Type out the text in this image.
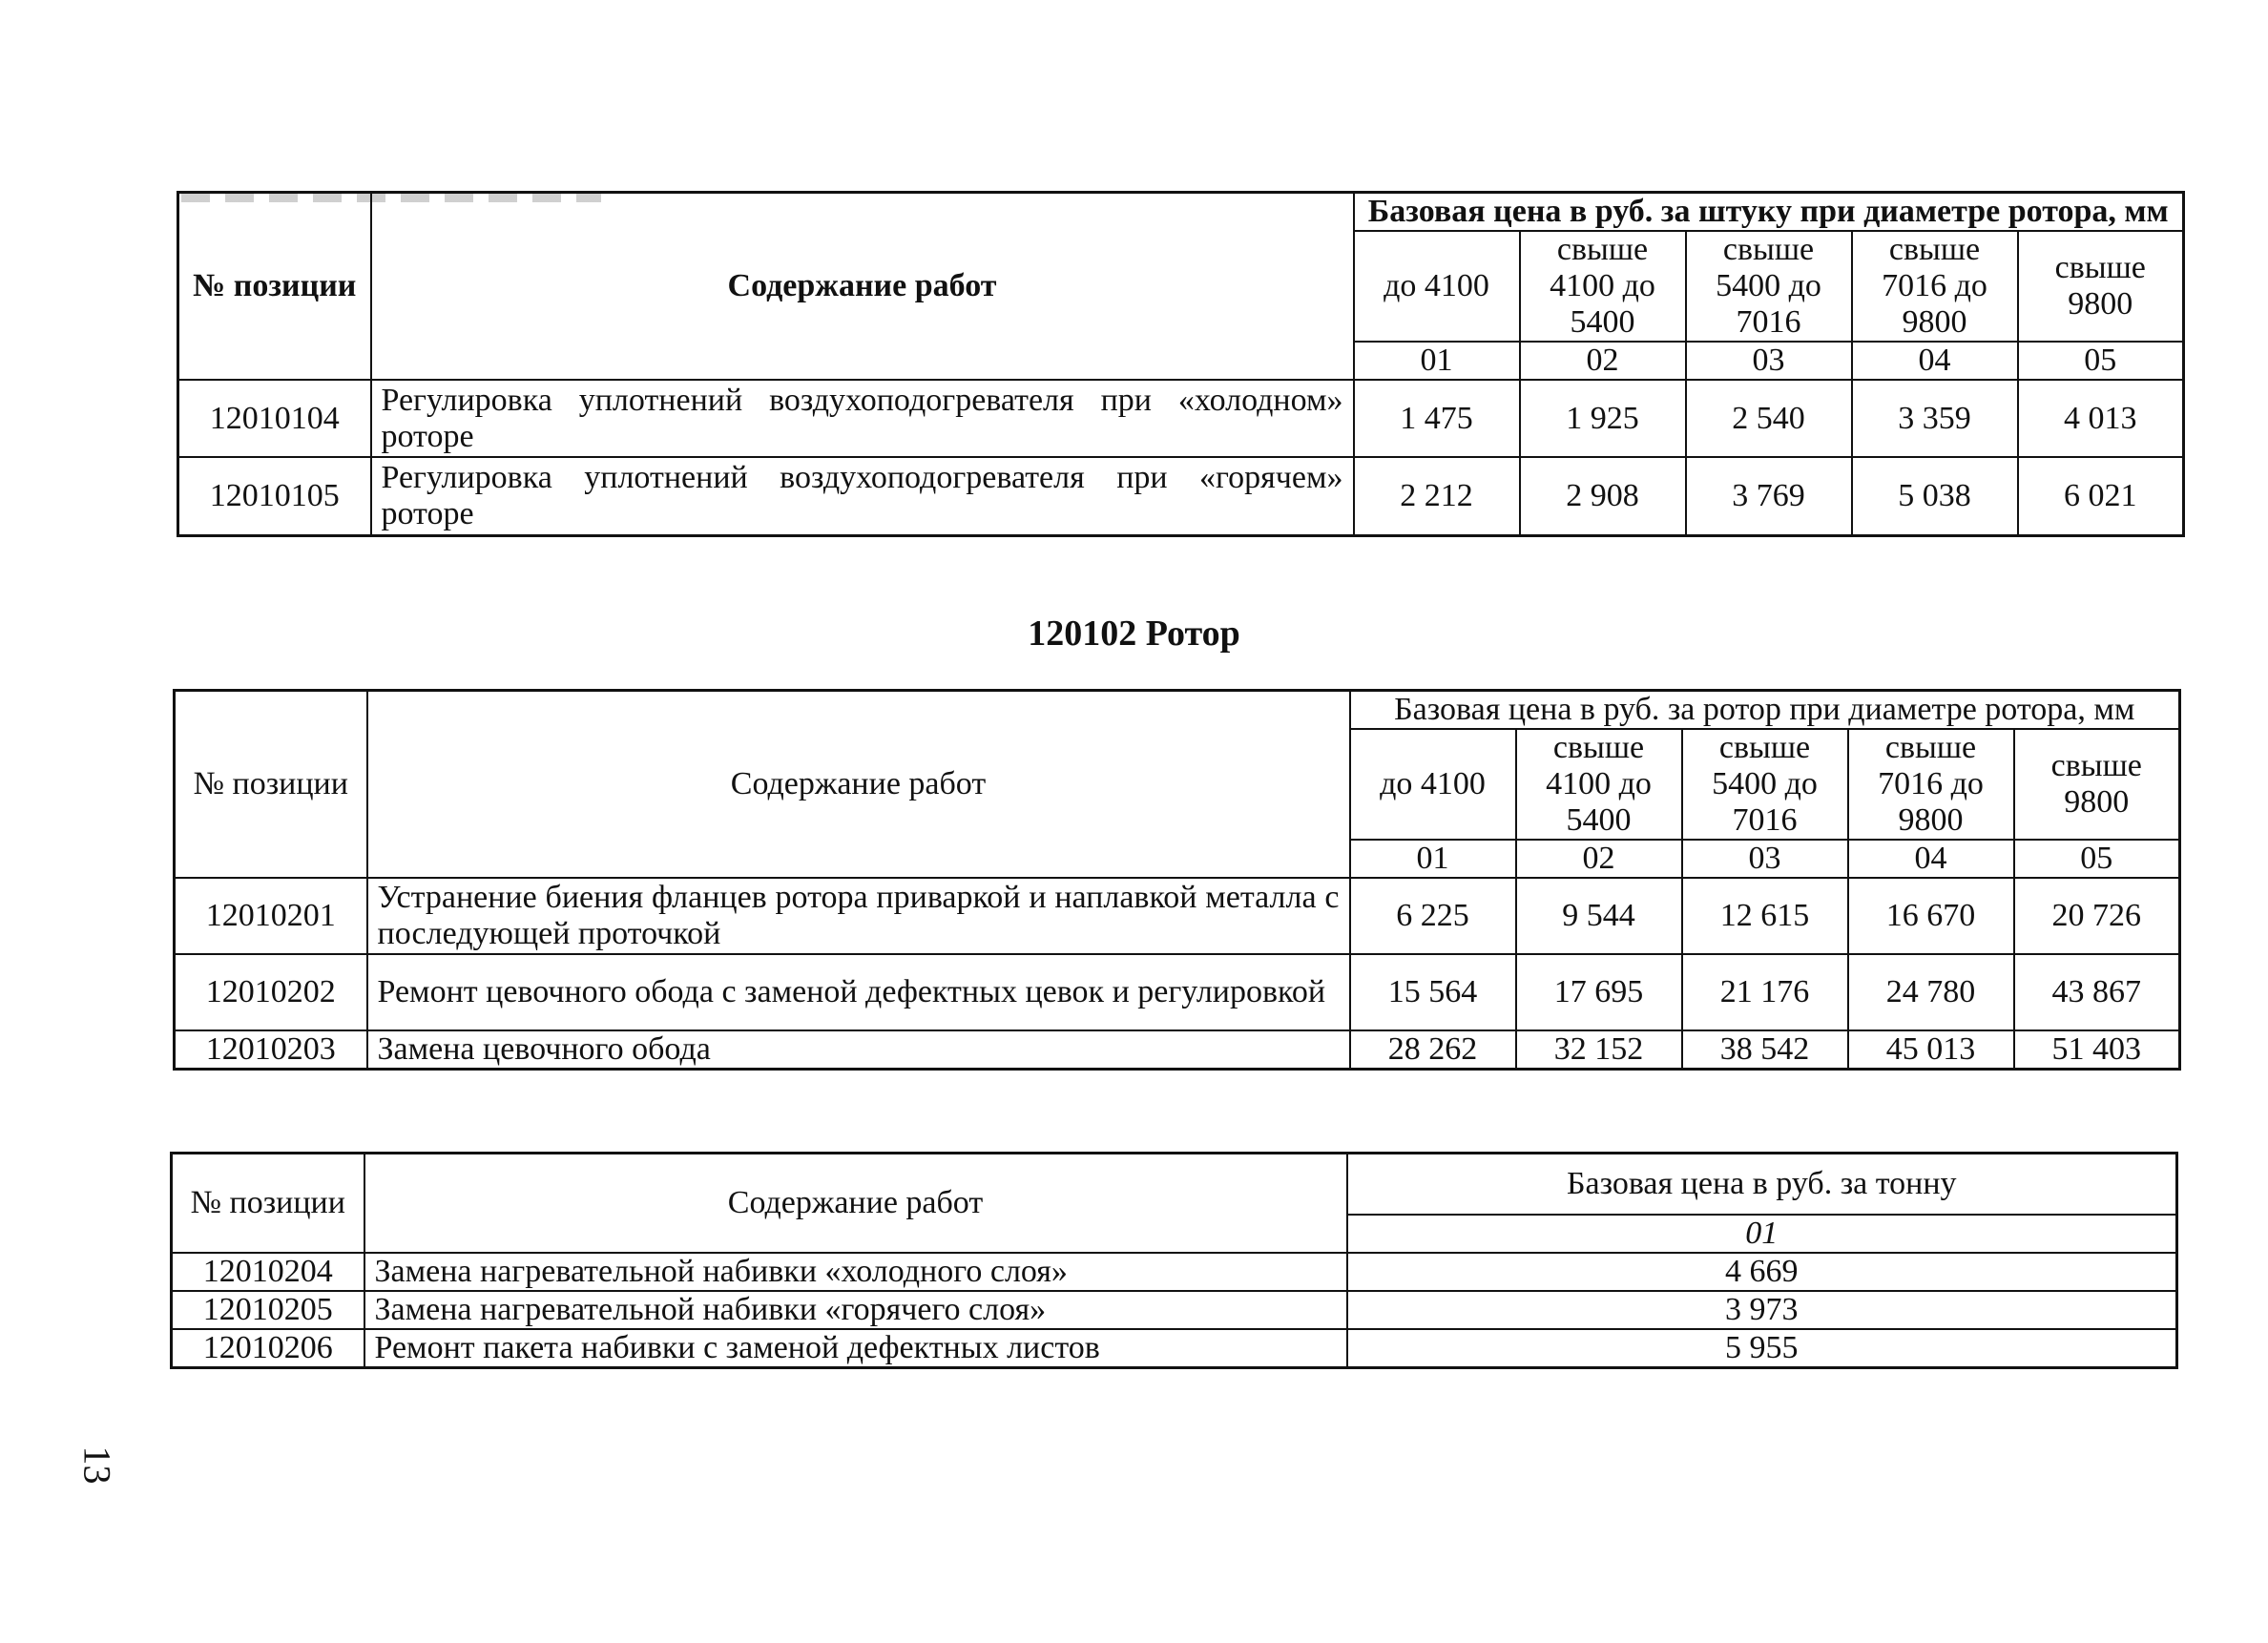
№ позиции	Содержание работ	Базовая цена в руб. за штуку при диаметре ротора, мм				
		до 4100	свыше 4100 до 5400	свыше 5400 до 7016	свыше 7016 до 9800	свыше 9800
		01	02	03	04	05
12010104	Регулировка уплотнений воздухоподогревателя при «холодном» роторе	1 475	1 925	2 540	3 359	4 013
12010105	Регулировка уплотнений воздухоподогревателя при «горячем» роторе	2 212	2 908	3 769	5 038	6 021
120102 Ротор
№ позиции	Содержание работ	Базовая цена в руб. за ротор при диаметре ротора, мм				
		до 4100	свыше 4100 до 5400	свыше 5400 до 7016	свыше 7016 до 9800	свыше 9800
		01	02	03	04	05
12010201	Устранение биения фланцев ротора приваркой и наплавкой металла с последующей проточкой	6 225	9 544	12 615	16 670	20 726
12010202	Ремонт цевочного обода с заменой дефектных цевок и регулировкой	15 564	17 695	21 176	24 780	43 867
12010203	Замена цевочного обода	28 262	32 152	38 542	45 013	51 403
№ позиции	Содержание работ	Базовая цена в руб. за тонну
		01
12010204	Замена нагревательной набивки «холодного слоя»	4 669
12010205	Замена нагревательной набивки «горячего слоя»	3 973
12010206	Ремонт пакета набивки с заменой дефектных листов	5 955
13
